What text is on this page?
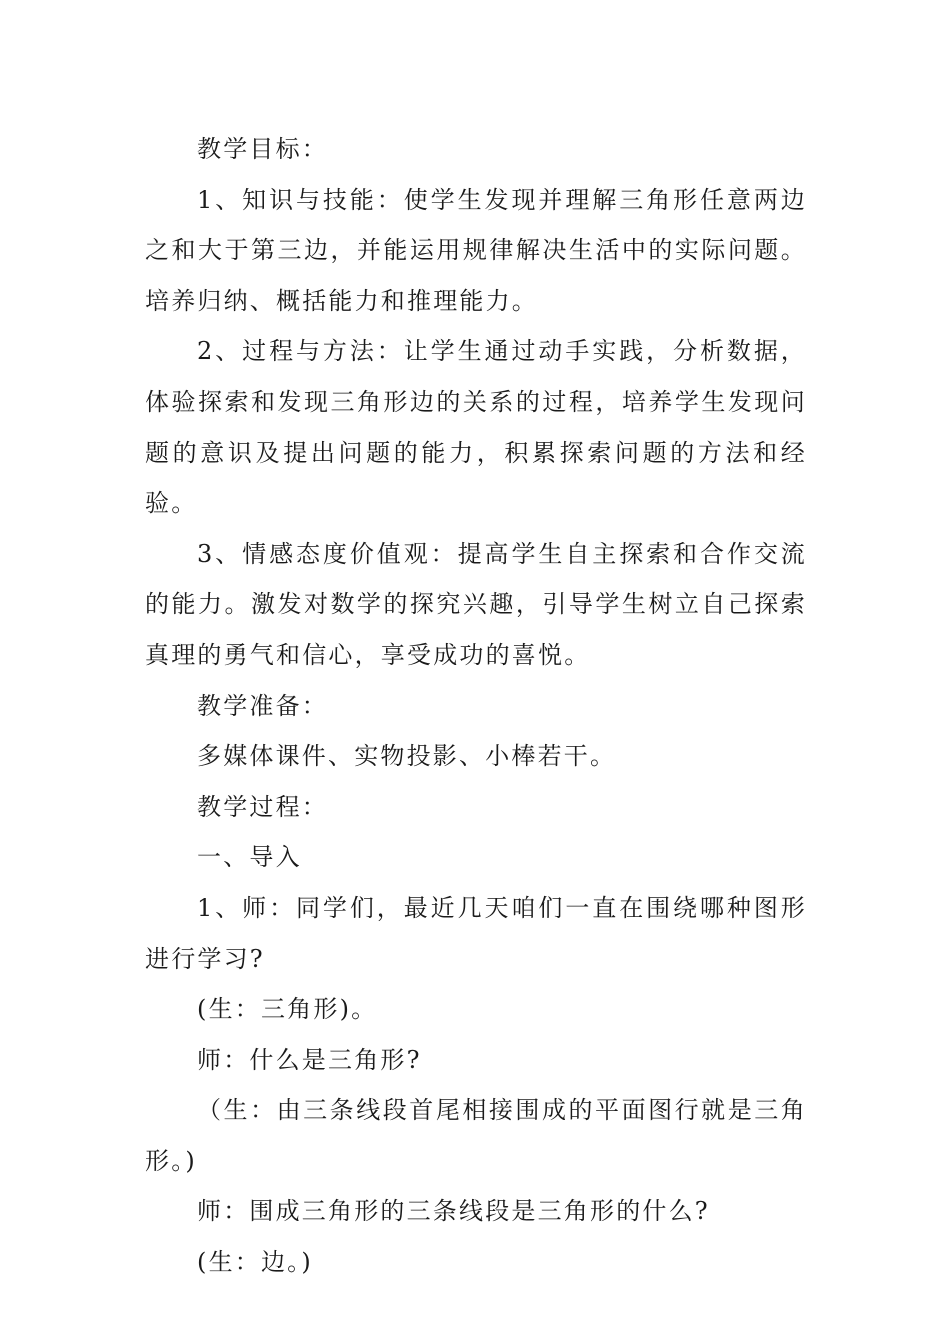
教学目标：

1、知识与技能：使学生发现并理解三角形任意两边之和大于第三边，并能运用规律解决生活中的实际问题。培养归纳、概括能力和推理能力。

2、过程与方法：让学生通过动手实践，分析数据，体验探索和发现三角形边的关系的过程，培养学生发现问题的意识及提出问题的能力，积累探索问题的方法和经验。

3、情感态度价值观：提高学生自主探索和合作交流的能力。激发对数学的探究兴趣，引导学生树立自己探索真理的勇气和信心，享受成功的喜悦。

教学准备：

多媒体课件、实物投影、小棒若干。

教学过程：

一、导入

1、师：同学们，最近几天咱们一直在围绕哪种图形进行学习?

(生：三角形)。

师：什么是三角形?

（生：由三条线段首尾相接围成的平面图行就是三角形。)

师：围成三角形的三条线段是三角形的什么?

(生：边。)
